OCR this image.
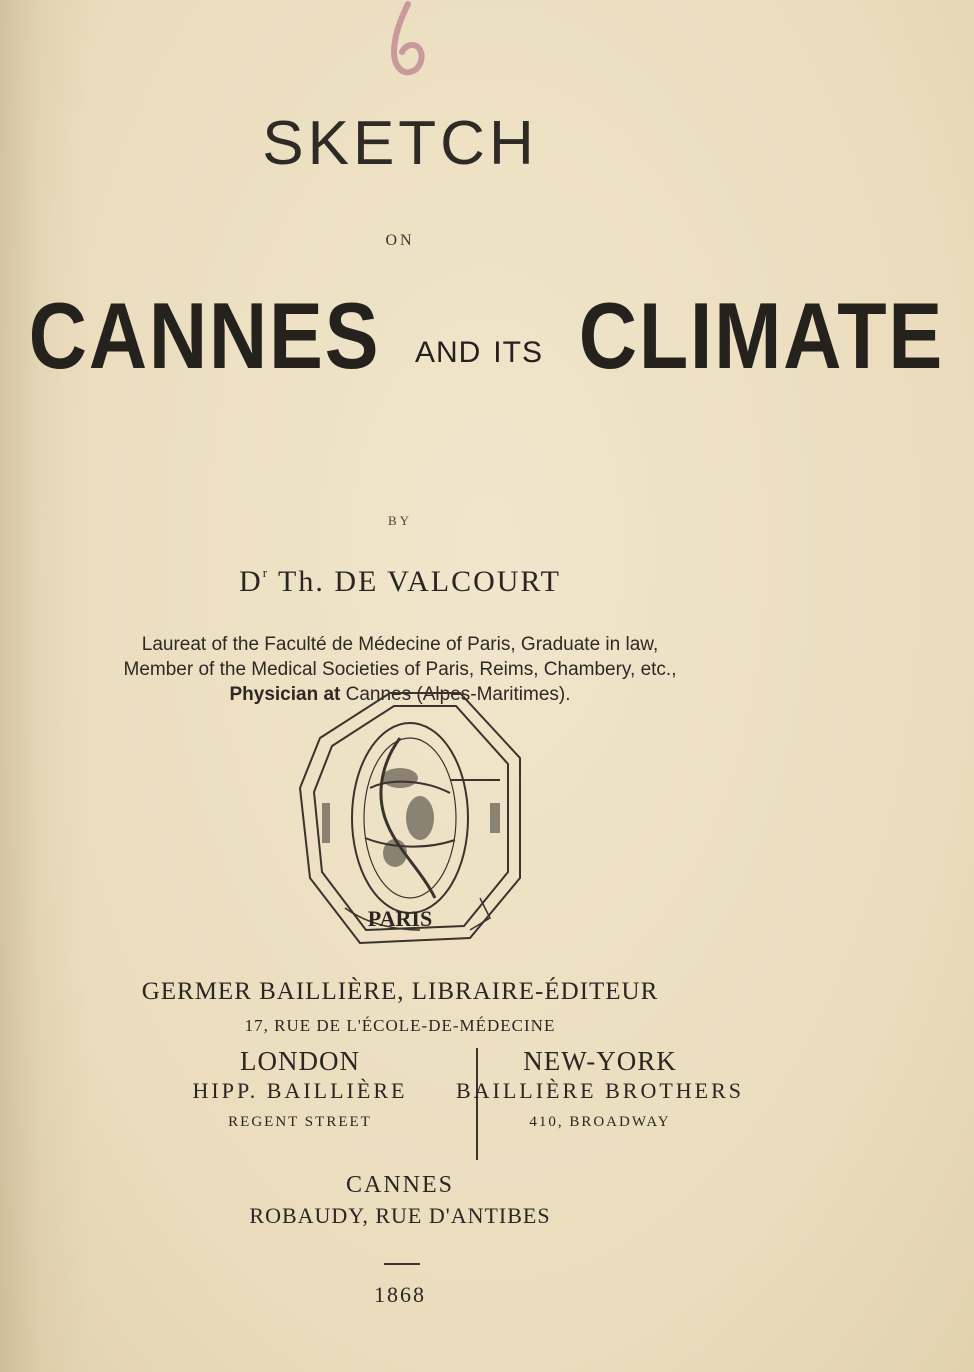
SKETCH
ON
CANNES AND ITS CLIMATE
BY
$D^r$ Th. DE VALCOURT
Laureat of the Faculté de Médecine of Paris, Graduate in law,
Member of the Medical Societies of Paris, Reims, Chambery, etc.,
Physician at Cannes (Alpes-Maritimes).
PARIS
GERMER BAILLIÈRE, LIBRAIRE-ÉDITEUR
17, RUE DE L'ÉCOLE-DE-MÉDECINE
LONDON
HIPP. BAILLIÈRE
REGENT STREET
NEW-YORK
BAILLIÈRE BROTHERS
410, BROADWAY
CANNES
ROBAUDY, RUE D'ANTIBES
1868
